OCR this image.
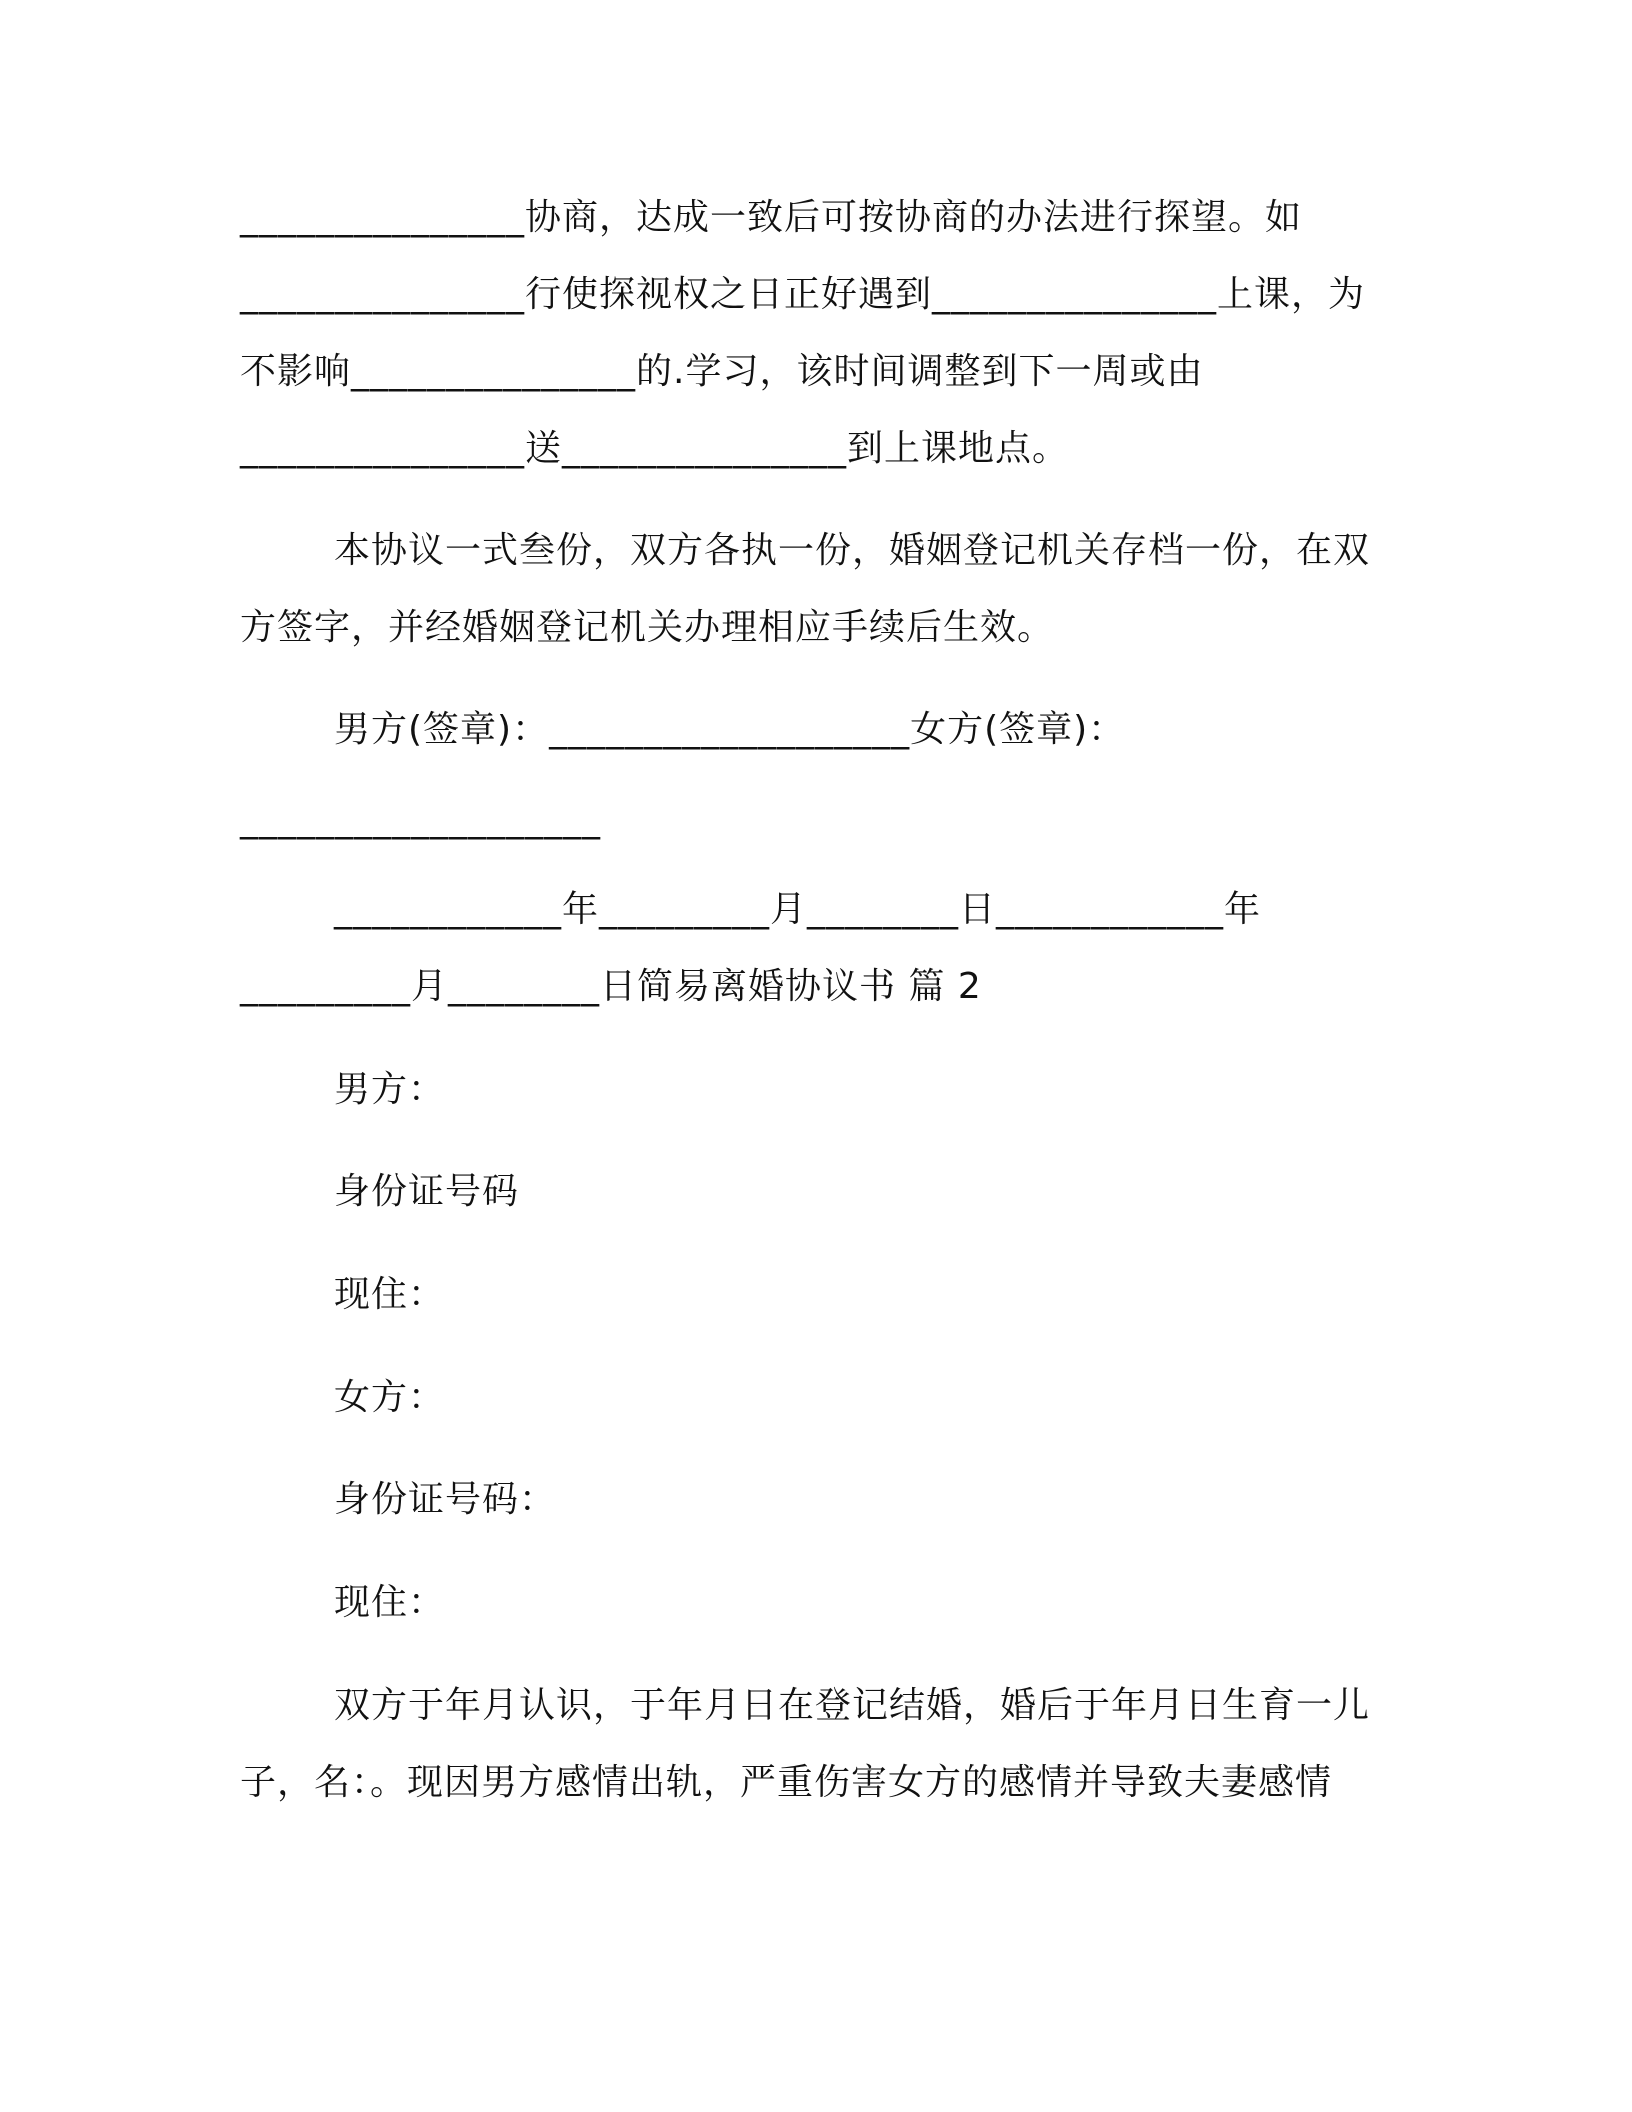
_______________协商，达成一致后可按协商的办法进行探望。如
_______________行使探视权之日正好遇到_______________上课，为
不影响_______________的.学习，该时间调整到下一周或由
_______________送_______________到上课地点。
本协议一式叁份，双方各执一份，婚姻登记机关存档一份，在双
方签字，并经婚姻登记机关办理相应手续后生效。
男方(签章)：___________________女方(签章)：
___________________
____________年_________月________日____________年
_________月________日简易离婚协议书 篇 2
男方：
身份证号码
现住：
女方：
身份证号码：
现住：
双方于年月认识，于年月日在登记结婚，婚后于年月日生育一儿
子，名：。现因男方感情出轨，严重伤害女方的感情并导致夫妻感情
